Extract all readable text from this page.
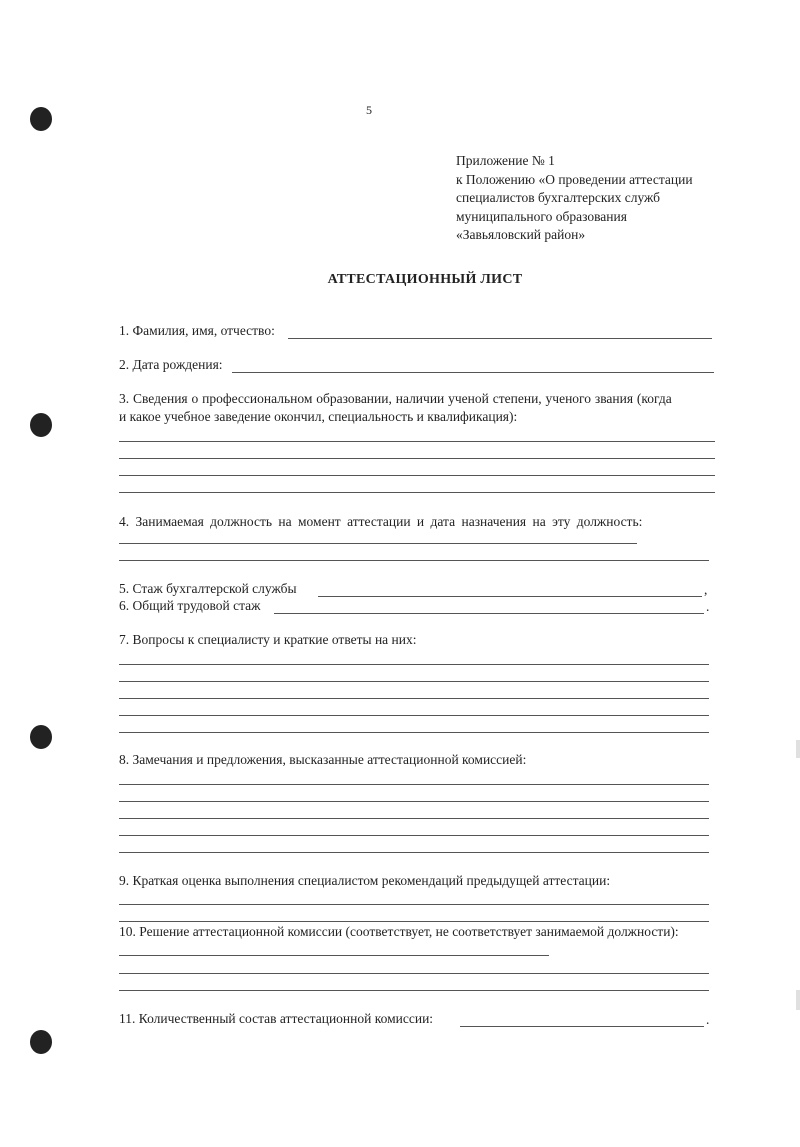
5
Приложение № 1
к Положению «О проведении аттестации
специалистов бухгалтерских служб
муниципального образования
«Завьяловский район»
АТТЕСТАЦИОННЫЙ ЛИСТ
1. Фамилия, имя, отчество:
2. Дата рождения:
3. Сведения о профессиональном образовании, наличии ученой степени, ученого звания (когда
и какое учебное заведение окончил, специальность и квалификация):
4. Занимаемая должность на момент аттестации и дата назначения на эту должность:
5. Стаж бухгалтерской службы	,
6. Общий трудовой стаж	.
7. Вопросы к специалисту и краткие ответы на них:
8. Замечания и предложения, высказанные аттестационной комиссией:
9. Краткая оценка выполнения специалистом рекомендаций предыдущей аттестации:
10. Решение аттестационной комиссии (соответствует, не соответствует занимаемой должности):
11. Количественный состав аттестационной комиссии:	.
